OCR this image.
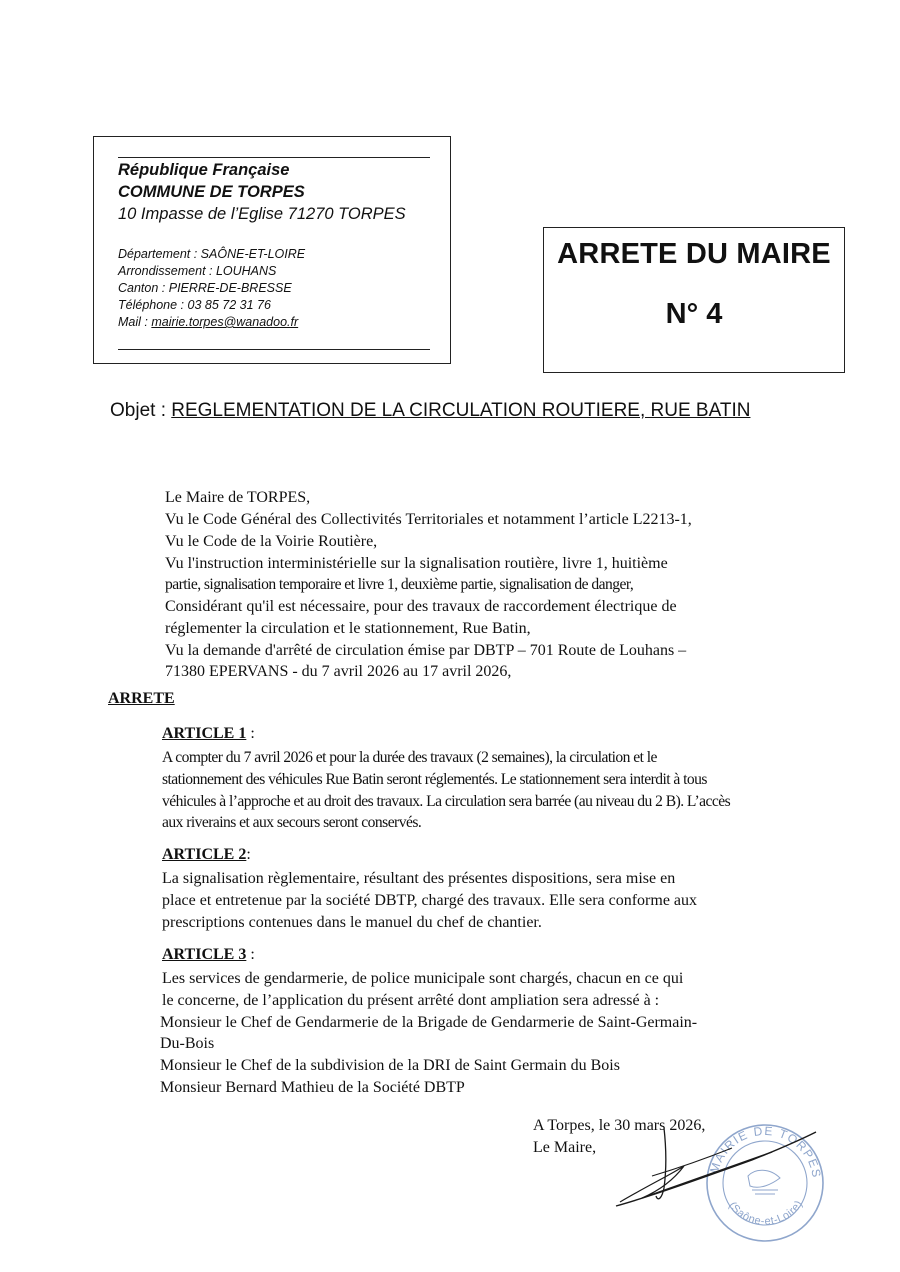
République Française
COMMUNE DE TORPES
10 Impasse de l’Eglise 71270 TORPES
Département : SAÔNE-ET-LOIRE
Arrondissement : LOUHANS
Canton : PIERRE-DE-BRESSE
Téléphone : 03 85 72 31 76
Mail : mairie.torpes@wanadoo.fr
ARRETE DU MAIRE
N° 4
Objet : REGLEMENTATION DE LA CIRCULATION ROUTIERE, RUE BATIN
Le Maire de TORPES,
Vu le Code Général des Collectivités Territoriales et notamment l’article L2213-1,
Vu le Code de la Voirie Routière,
Vu l'instruction interministérielle sur la signalisation routière, livre 1, huitième
partie, signalisation temporaire et livre 1, deuxième partie, signalisation de danger,
Considérant qu'il est nécessaire, pour des travaux de raccordement électrique de
réglementer la circulation et le stationnement, Rue Batin,
Vu la demande d'arrêté de circulation émise par DBTP – 701 Route de Louhans –
71380 EPERVANS - du 7 avril 2026 au 17 avril 2026,
ARRETE
ARTICLE 1 :
A compter du 7 avril 2026 et pour la durée des travaux (2 semaines), la circulation et le
stationnement des véhicules Rue Batin seront réglementés. Le stationnement sera interdit à tous
véhicules à l’approche et au droit des travaux. La circulation sera barrée (au niveau du 2 B). L’accès
aux riverains et aux secours seront conservés.
ARTICLE 2:
La signalisation règlementaire, résultant des présentes dispositions, sera mise en
place et entretenue par la société DBTP, chargé des travaux. Elle sera conforme aux
prescriptions contenues dans le manuel du chef de chantier.
ARTICLE 3 :
Les services de gendarmerie, de police municipale sont chargés, chacun en ce qui
le concerne, de l’application du présent arrêté dont ampliation sera adressé à :
Monsieur le Chef de Gendarmerie de la Brigade de Gendarmerie de Saint-Germain-
Du-Bois
Monsieur le Chef de la subdivision de la DRI de Saint Germain du Bois
Monsieur Bernard Mathieu de la Société DBTP
A Torpes, le 30 mars 2026,
Le Maire,
MAIRIE DE TORPES
(Saône-et-Loire)
